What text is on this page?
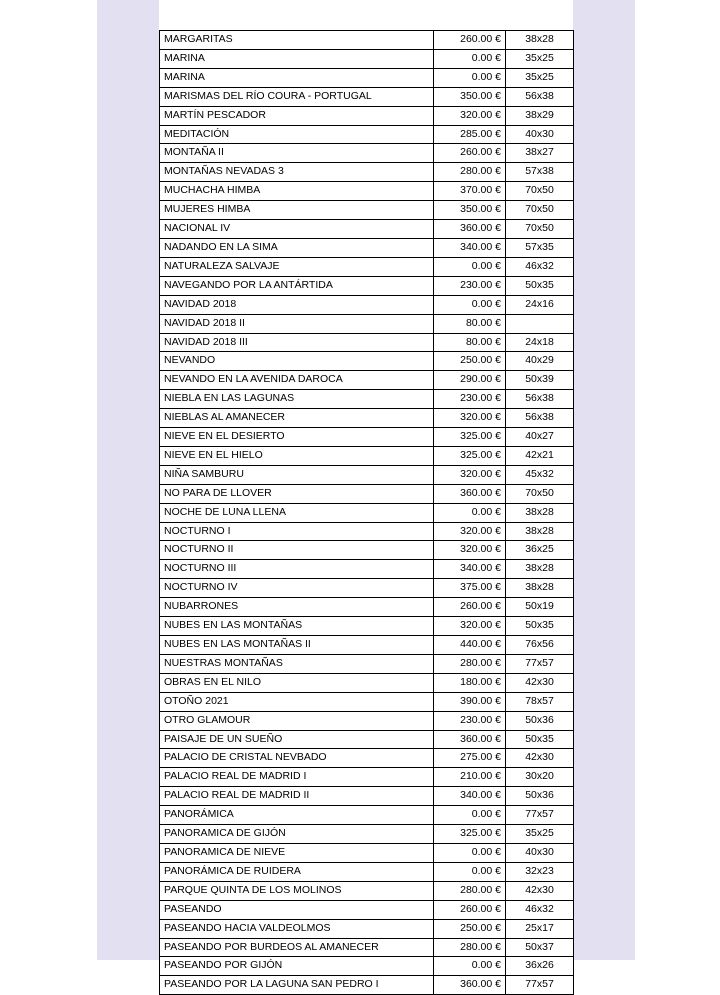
MARGARITAS	260.00 €	38x28
MARINA	0.00 €	35x25
MARINA	0.00 €	35x25
MARISMAS DEL RÍO COURA - PORTUGAL	350.00 €	56x38
MARTÍN PESCADOR	320.00 €	38x29
MEDITACIÓN	285.00 €	40x30
MONTAÑA II	260.00 €	38x27
MONTAÑAS NEVADAS 3	280.00 €	57x38
MUCHACHA HIMBA	370.00 €	70x50
MUJERES HIMBA	350.00 €	70x50
NACIONAL IV	360.00 €	70x50
NADANDO EN LA SIMA	340.00 €	57x35
NATURALEZA SALVAJE	0.00 €	46x32
NAVEGANDO POR LA ANTÁRTIDA	230.00 €	50x35
NAVIDAD 2018	0.00 €	24x16
NAVIDAD 2018 II	80.00 €	
NAVIDAD 2018 III	80.00 €	24x18
NEVANDO	250.00 €	40x29
NEVANDO EN LA AVENIDA DAROCA	290.00 €	50x39
NIEBLA EN LAS LAGUNAS	230.00 €	56x38
NIEBLAS AL AMANECER	320.00 €	56x38
NIEVE EN EL DESIERTO	325.00 €	40x27
NIEVE EN EL HIELO	325.00 €	42x21
NIÑA SAMBURU	320.00 €	45x32
NO PARA DE LLOVER	360.00 €	70x50
NOCHE DE LUNA LLENA	0.00 €	38x28
NOCTURNO I	320.00 €	38x28
NOCTURNO II	320.00 €	36x25
NOCTURNO III	340.00 €	38x28
NOCTURNO IV	375.00 €	38x28
NUBARRONES	260.00 €	50x19
NUBES EN LAS MONTAÑAS	320.00 €	50x35
NUBES EN LAS MONTAÑAS II	440.00 €	76x56
NUESTRAS MONTAÑAS	280.00 €	77x57
OBRAS EN EL NILO	180.00 €	42x30
OTOÑO 2021	390.00 €	78x57
OTRO GLAMOUR	230.00 €	50x36
PAISAJE DE UN SUEÑO	360.00 €	50x35
PALACIO DE CRISTAL NEVBADO	275.00 €	42x30
PALACIO REAL DE MADRID I	210.00 €	30x20
PALACIO REAL DE MADRID II	340.00 €	50x36
PANORÁMICA	0.00 €	77x57
PANORAMICA DE GIJÓN	325.00 €	35x25
PANORAMICA DE NIEVE	0.00 €	40x30
PANORÁMICA DE RUIDERA	0.00 €	32x23
PARQUE QUINTA DE LOS MOLINOS	280.00 €	42x30
PASEANDO	260.00 €	46x32
PASEANDO HACIA VALDEOLMOS	250.00 €	25x17
PASEANDO POR BURDEOS AL AMANECER	280.00 €	50x37
PASEANDO POR GIJÓN	0.00 €	36x26
PASEANDO POR LA LAGUNA SAN PEDRO I	360.00 €	77x57
